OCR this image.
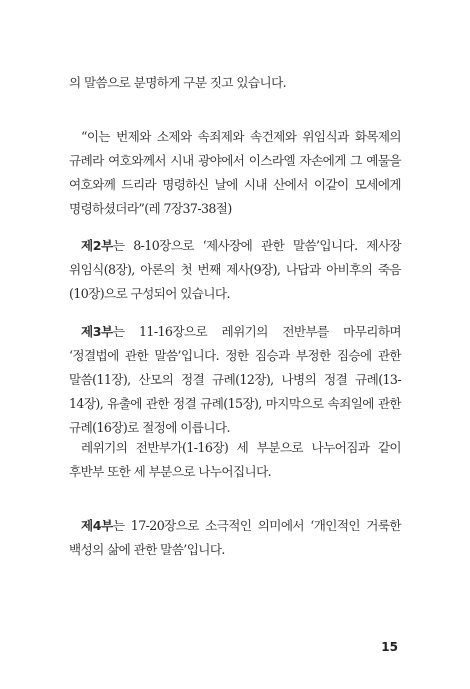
의 말씀으로 분명하게 구분 짓고 있습니다.

“이는 번제와 소제와 속죄제와 속건제와 위임식과 화목제의 규례라 여호와께서 시내 광야에서 이스라엘 자손에게 그 예물을 여호와께 드리라 명령하신 날에 시내 산에서 이같이 모세에게 명령하셨더라”(레 7장37-38절)

제2부는 8-10장으로 ‘제사장에 관한 말씀’입니다. 제사장 위임식(8장), 아론의 첫 번째 제사(9장), 나답과 아비후의 죽음(10장)으로 구성되어 있습니다.

제3부는 11-16장으로 레위기의 전반부를 마무리하며 ‘정결법에 관한 말씀’입니다. 정한 짐승과 부정한 짐승에 관한 말씀(11장), 산모의 정결 규례(12장), 나병의 정결 규례(13-14장), 유출에 관한 정결 규례(15장), 마지막으로 속죄일에 관한 규례(16장)로 절정에 이릅니다.

레위기의 전반부가(1-16장) 세 부분으로 나누어짐과 같이 후반부 또한 세 부분으로 나누어집니다.

제4부는 17-20장으로 소극적인 의미에서 ‘개인적인 거룩한 백성의 삶에 관한 말씀’입니다.

15
